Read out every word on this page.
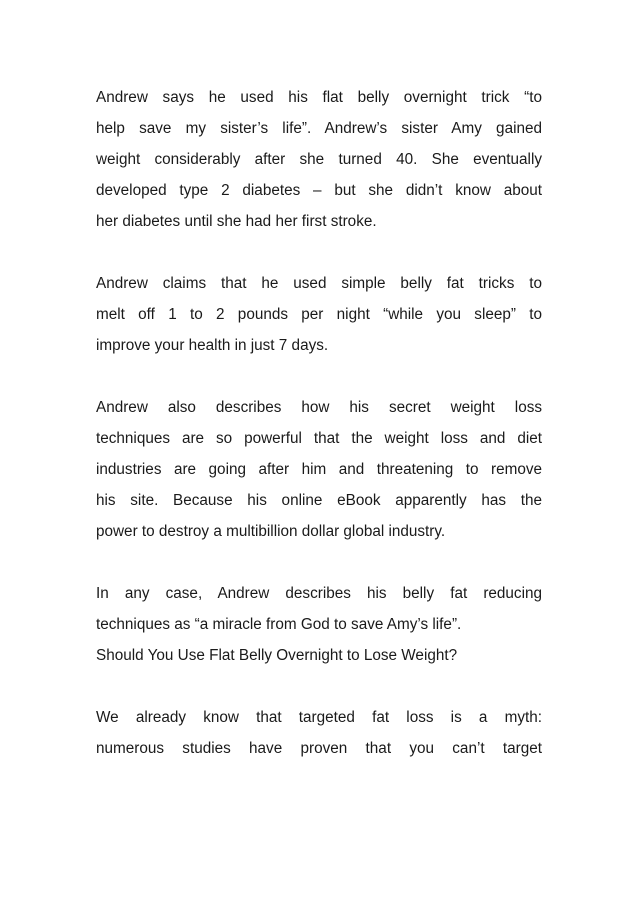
Andrew says he used his flat belly overnight trick “to
help save my sister’s life”. Andrew’s sister Amy gained
weight considerably after she turned 40. She eventually
developed type 2 diabetes – but she didn’t know about
her diabetes until she had her first stroke.
Andrew claims that he used simple belly fat tricks to
melt off 1 to 2 pounds per night “while you sleep” to
improve your health in just 7 days.
Andrew also describes how his secret weight loss
techniques are so powerful that the weight loss and diet
industries are going after him and threatening to remove
his site. Because his online eBook apparently has the
power to destroy a multibillion dollar global industry.
In any case, Andrew describes his belly fat reducing
techniques as “a miracle from God to save Amy’s life”.
Should You Use Flat Belly Overnight to Lose Weight?
We already know that targeted fat loss is a myth:
numerous studies have proven that you can’t target
